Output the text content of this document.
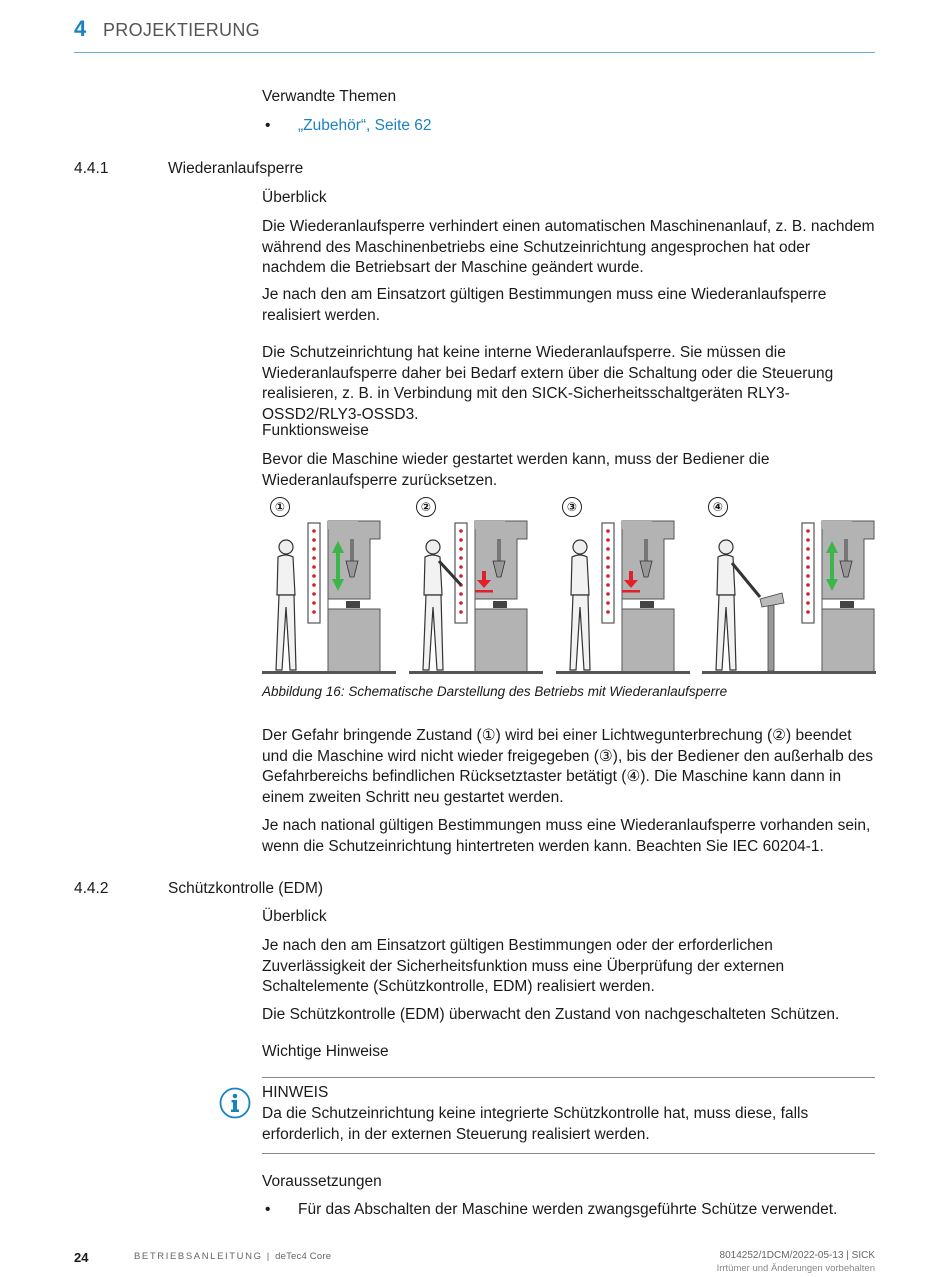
4 PROJEKTIERUNG
Verwandte Themen
• „Zubehör“, Seite 62
4.4.1	Wiederanlaufsperre
Überblick

Die Wiederanlaufsperre verhindert einen automatischen Maschinenanlauf, z. B. nachdem während des Maschinenbetriebs eine Schutzeinrichtung angesprochen hat oder nachdem die Betriebsart der Maschine geändert wurde.

Je nach den am Einsatzort gültigen Bestimmungen muss eine Wiederanlaufsperre realisiert werden.

Die Schutzeinrichtung hat keine interne Wiederanlaufsperre. Sie müssen die Wiederanlaufsperre daher bei Bedarf extern über die Schaltung oder die Steuerung realisieren, z. B. in Verbindung mit den SICK-Sicherheitsschaltgeräten RLY3-OSSD2/RLY3-OSSD3.

Funktionsweise

Bevor die Maschine wieder gestartet werden kann, muss der Bediener die Wiederanlaufsperre zurücksetzen.

①	②	③	④
Abbildung 16: Schematische Darstellung des Betriebs mit Wiederanlaufsperre

Der Gefahr bringende Zustand (①) wird bei einer Lichtwegunterbrechung (②) beendet und die Maschine wird nicht wieder freigegeben (③), bis der Bediener den außerhalb des Gefahrbereichs befindlichen Rücksetztaster betätigt (④). Die Maschine kann dann in einem zweiten Schritt neu gestartet werden.

Je nach national gültigen Bestimmungen muss eine Wiederanlaufsperre vorhanden sein, wenn die Schutzeinrichtung hintertreten werden kann. Beachten Sie IEC 60204-1.

4.4.2	Schützkontrolle (EDM)
Überblick

Je nach den am Einsatzort gültigen Bestimmungen oder der erforderlichen Zuverlässigkeit der Sicherheitsfunktion muss eine Überprüfung der externen Schaltelemente (Schützkontrolle, EDM) realisiert werden.

Die Schützkontrolle (EDM) überwacht den Zustand von nachgeschalteten Schützen.

Wichtige Hinweise
HINWEIS

Da die Schutzeinrichtung keine integrierte Schützkontrolle hat, muss diese, falls erforderlich, in der externen Steuerung realisiert werden.

Voraussetzungen
• Für das Abschalten der Maschine werden zwangsgeführte Schütze verwendet.
24	BETRIEBSANLEITUNG | deTec4 Core	8014252/1DCM/2022-05-13 | SICK
Irrtümer und Änderungen vorbehalten
